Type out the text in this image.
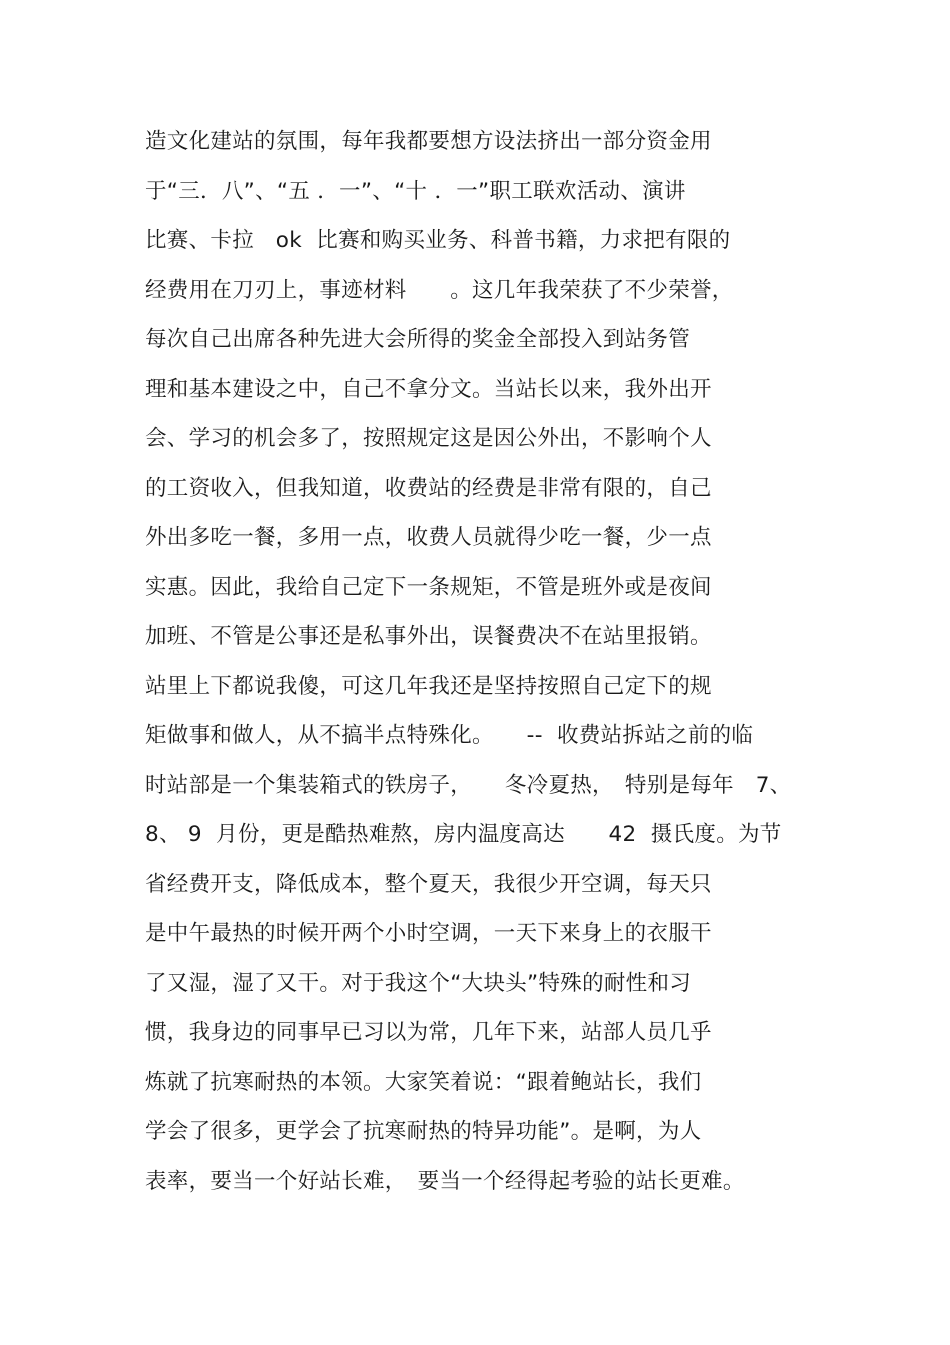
造文化建站的氛围，每年我都要想方设法挤出一部分资金用
于“三．八”、“五 ．一”、“十 ．一”职工联欢活动、演讲
比赛、卡拉　ok  比赛和购买业务、科普书籍，力求把有限的
经费用在刀刃上，事迹材料　　。这几年我荣获了不少荣誉，
每次自己出席各种先进大会所得的奖金全部投入到站务管
理和基本建设之中，自己不拿分文。当站长以来，我外出开
会、学习的机会多了，按照规定这是因公外出，不影响个人
的工资收入，但我知道，收费站的经费是非常有限的，自己
外出多吃一餐，多用一点，收费人员就得少吃一餐，少一点
实惠。因此，我给自己定下一条规矩，不管是班外或是夜间
加班、不管是公事还是私事外出，误餐费决不在站里报销。
站里上下都说我傻，可这几年我还是坚持按照自己定下的规
矩做事和做人，从不搞半点特殊化。　　--  收费站拆站之前的临
时站部是一个集装箱式的铁房子，　　冬冷夏热，　特别是每年　7、
8、 9  月份，更是酷热难熬，房内温度高达　　42  摄氏度。为节
省经费开支，降低成本，整个夏天，我很少开空调，每天只
是中午最热的时候开两个小时空调，一天下来身上的衣服干
了又湿，湿了又干。对于我这个“大块头”特殊的耐性和习
惯，我身边的同事早已习以为常，几年下来，站部人员几乎
炼就了抗寒耐热的本领。大家笑着说：“跟着鲍站长，我们
学会了很多，更学会了抗寒耐热的特异功能”。是啊，为人
表率，要当一个好站长难，　要当一个经得起考验的站长更难。
